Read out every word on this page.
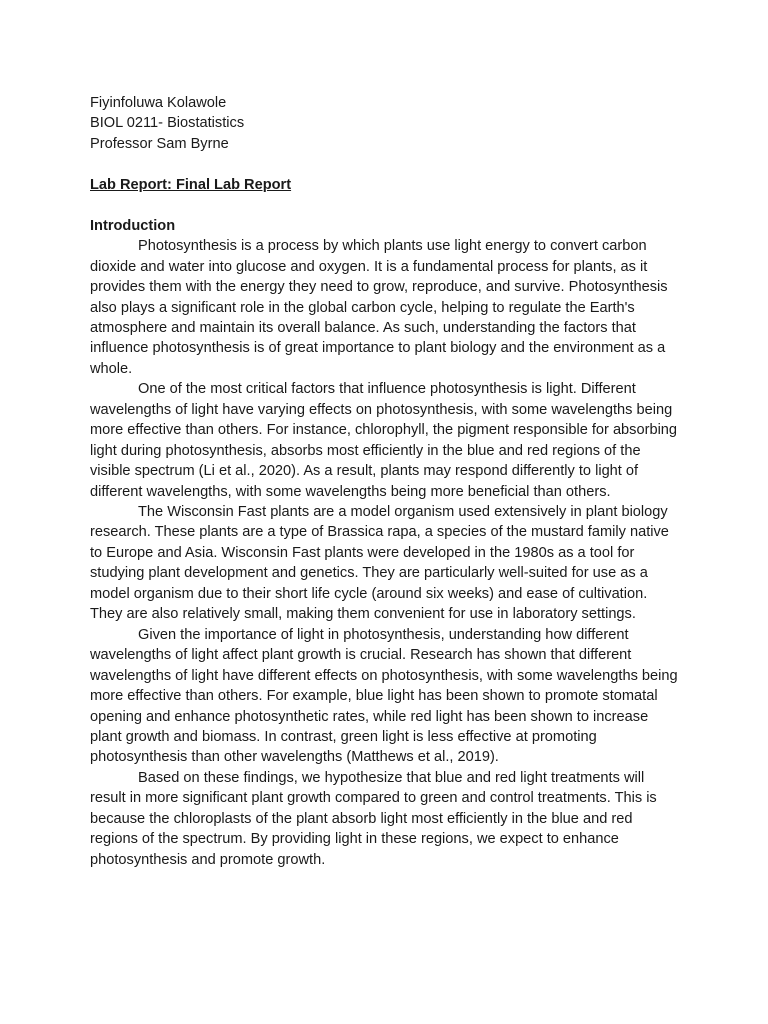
Fiyinfoluwa Kolawole

BIOL 0211- Biostatistics

Professor Sam Byrne

Lab Report: Final Lab Report

Introduction

Photosynthesis is a process by which plants use light energy to convert carbon dioxide and water into glucose and oxygen. It is a fundamental process for plants, as it provides them with the energy they need to grow, reproduce, and survive. Photosynthesis also plays a significant role in the global carbon cycle, helping to regulate the Earth's atmosphere and maintain its overall balance. As such, understanding the factors that influence photosynthesis is of great importance to plant biology and the environment as a whole.

One of the most critical factors that influence photosynthesis is light. Different wavelengths of light have varying effects on photosynthesis, with some wavelengths being more effective than others. For instance, chlorophyll, the pigment responsible for absorbing light during photosynthesis, absorbs most efficiently in the blue and red regions of the visible spectrum (Li et al., 2020). As a result, plants may respond differently to light of different wavelengths, with some wavelengths being more beneficial than others.

The Wisconsin Fast plants are a model organism used extensively in plant biology research. These plants are a type of Brassica rapa, a species of the mustard family native to Europe and Asia. Wisconsin Fast plants were developed in the 1980s as a tool for studying plant development and genetics. They are particularly well-suited for use as a model organism due to their short life cycle (around six weeks) and ease of cultivation. They are also relatively small, making them convenient for use in laboratory settings.

Given the importance of light in photosynthesis, understanding how different wavelengths of light affect plant growth is crucial. Research has shown that different wavelengths of light have different effects on photosynthesis, with some wavelengths being more effective than others. For example, blue light has been shown to promote stomatal opening and enhance photosynthetic rates, while red light has been shown to increase plant growth and biomass. In contrast, green light is less effective at promoting photosynthesis than other wavelengths (Matthews et al., 2019).

Based on these findings, we hypothesize that blue and red light treatments will result in more significant plant growth compared to green and control treatments. This is because the chloroplasts of the plant absorb light most efficiently in the blue and red regions of the spectrum. By providing light in these regions, we expect to enhance photosynthesis and promote growth.
